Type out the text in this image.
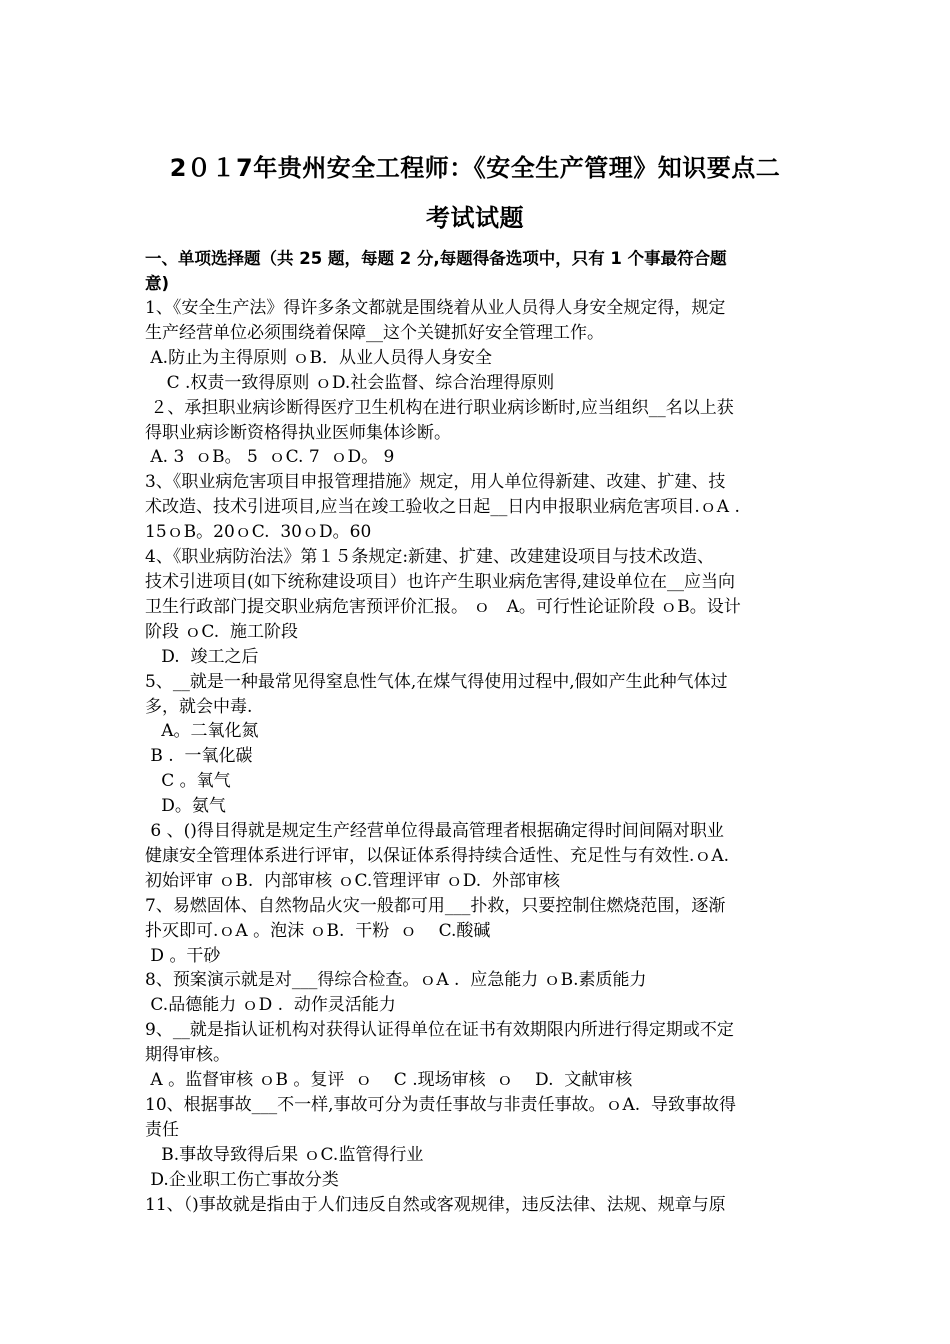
2０１7年贵州安全工程师：《安全生产管理》知识要点二
考试试题
一、单项选择题（共 25 题，每题 2 分,每题得备选项中，只有 1 个事最符合题
意)
1、《安全生产法》得许多条文都就是围绕着从业人员得人身安全规定得，规定
生产经营单位必须围绕着保障__这个关键抓好安全管理工作。
A.防止为主得原则 ｏB．从业人员得人身安全
C .权责一致得原则 ｏD.社会监督、综合治理得原则
２、承担职业病诊断得医疗卫生机构在进行职业病诊断时,应当组织__名以上获
得职业病诊断资格得执业医师集体诊断。
A. 3  ｏB。 5  ｏC. 7  ｏD。 9
3、《职业病危害项目申报管理措施》规定，用人单位得新建、改建、扩建、技
术改造、技术引进项目,应当在竣工验收之日起__日内申报职业病危害项目.ｏA .
15ｏB。20ｏC.  30ｏD。60
4、《职业病防治法》第１５条规定:新建、扩建、改建建设项目与技术改造、
技术引进项目(如下统称建设项目）也许产生职业病危害得,建设单位在__应当向
卫生行政部门提交职业病危害预评价汇报。 ｏ   A。可行性论证阶段 ｏB。设计
阶段 ｏC.  施工阶段
D.  竣工之后
5、__就是一种最常见得窒息性气体,在煤气得使用过程中,假如产生此种气体过
多，就会中毒.
A。二氧化氮
B .  一氧化碳
C 。氧气
D。氨气
6 、()得目得就是规定生产经营单位得最高管理者根据确定得时间间隔对职业
健康安全管理体系进行评审，以保证体系得持续合适性、充足性与有效性.ｏA.
初始评审 ｏB.  内部审核 ｏC.管理评审 ｏD.  外部审核
7、易燃固体、自然物品火灾一般都可用___扑救，只要控制住燃烧范围，逐渐
扑灭即可.ｏA 。泡沫 ｏB.  干粉  ｏ    C.酸碱
D 。干砂
8、预案演示就是对___得综合检查。ｏA .  应急能力 ｏB.素质能力
C.品德能力 ｏD .  动作灵活能力
9、__就是指认证机构对获得认证得单位在证书有效期限内所进行得定期或不定
期得审核。
A 。监督审核 ｏB 。复评  ｏ    C .现场审核  ｏ    D.  文献审核
10、根据事故___不一样,事故可分为责任事故与非责任事故。ｏA.  导致事故得
责任
B.事故导致得后果 ｏC.监管得行业
D.企业职工伤亡事故分类
11、（)事故就是指由于人们违反自然或客观规律，违反法律、法规、规章与原
